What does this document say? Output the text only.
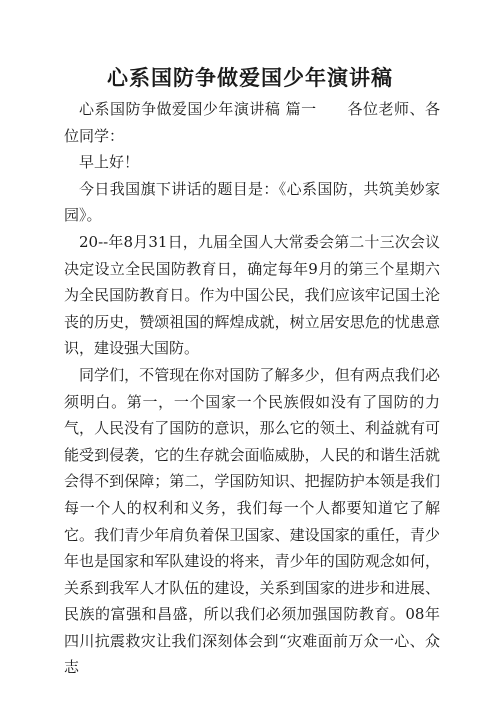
心系国防争做爱国少年演讲稿

心系国防争做爱国少年演讲稿 篇一　　各位老师、各位同学：

早上好！

今日我国旗下讲话的题目是：《心系国防，共筑美妙家园》。

20--年8月31日，九届全国人大常委会第二十三次会议决定设立全民国防教育日，确定每年9月的第三个星期六为全民国防教育日。作为中国公民，我们应该牢记国土沦丧的历史，赞颂祖国的辉煌成就，树立居安思危的忧患意识，建设强大国防。

同学们，不管现在你对国防了解多少，但有两点我们必须明白。第一，一个国家一个民族假如没有了国防的力气，人民没有了国防的意识，那么它的领土、利益就有可能受到侵袭，它的生存就会面临威胁，人民的和谐生活就会得不到保障；第二，学国防知识、把握防护本领是我们每一个人的权利和义务，我们每一个人都要知道它了解它。我们青少年肩负着保卫国家、建设国家的重任，青少年也是国家和军队建设的将来，青少年的国防观念如何，关系到我军人才队伍的建设，关系到国家的进步和进展、民族的富强和昌盛，所以我们必须加强国防教育。08年四川抗震救灾让我们深刻体会到“灾难面前万众一心、众志
